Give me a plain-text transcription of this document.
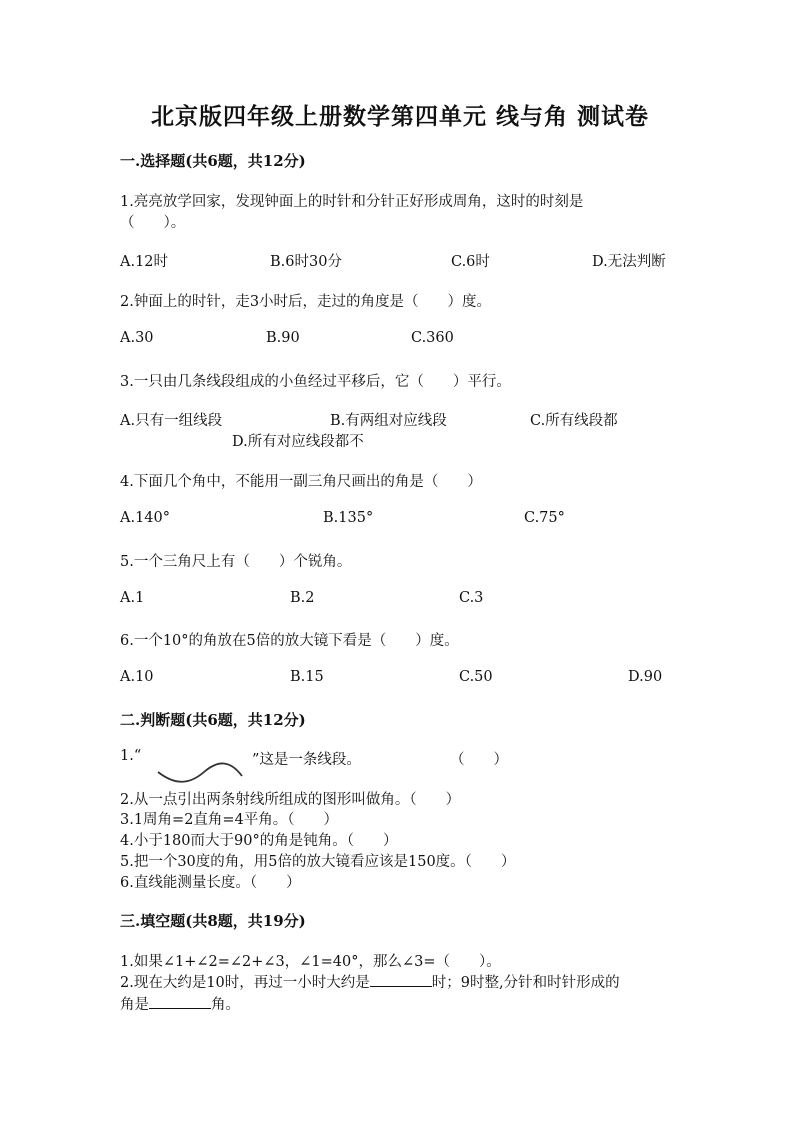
北京版四年级上册数学第四单元 线与角 测试卷
一.选择题(共6题，共12分)
1.亮亮放学回家，发现钟面上的时针和分针正好形成周角，这时的时刻是
（　　）。
A.12时	B.6时30分	C.6时	D.无法判断
2.钟面上的时针，走3小时后，走过的角度是（　　）度。
A.30	B.90	C.360
3.一只由几条线段组成的小鱼经过平移后，它（　　）平行。
A.只有一组线段	B.有两组对应线段	C.所有线段都
D.所有对应线段都不
4.下面几个角中，不能用一副三角尺画出的角是（　　）
A.140°	B.135°	C.75°
5.一个三角尺上有（　　）个锐角。
A.1	B.2	C.3
6.一个10°的角放在5倍的放大镜下看是（　　）度。
A.10	B.15	C.50	D.90
二.判断题(共6题，共12分)
1.“	”这是一条线段。	（　　）
2.从一点引出两条射线所组成的图形叫做角。（　　）
3.1周角=2直角=4平角。（　　）
4.小于180而大于90°的角是钝角。（　　）
5.把一个30度的角，用5倍的放大镜看应该是150度。（　　）
6.直线能测量长度。（　　）
三.填空题(共8题，共19分)
1.如果∠1+∠2=∠2+∠3，∠1=40°，那么∠3=（　　）。
2.现在大约是10时，再过一小时大约是	时；9时整,分针和时针形成的
角是	角。
